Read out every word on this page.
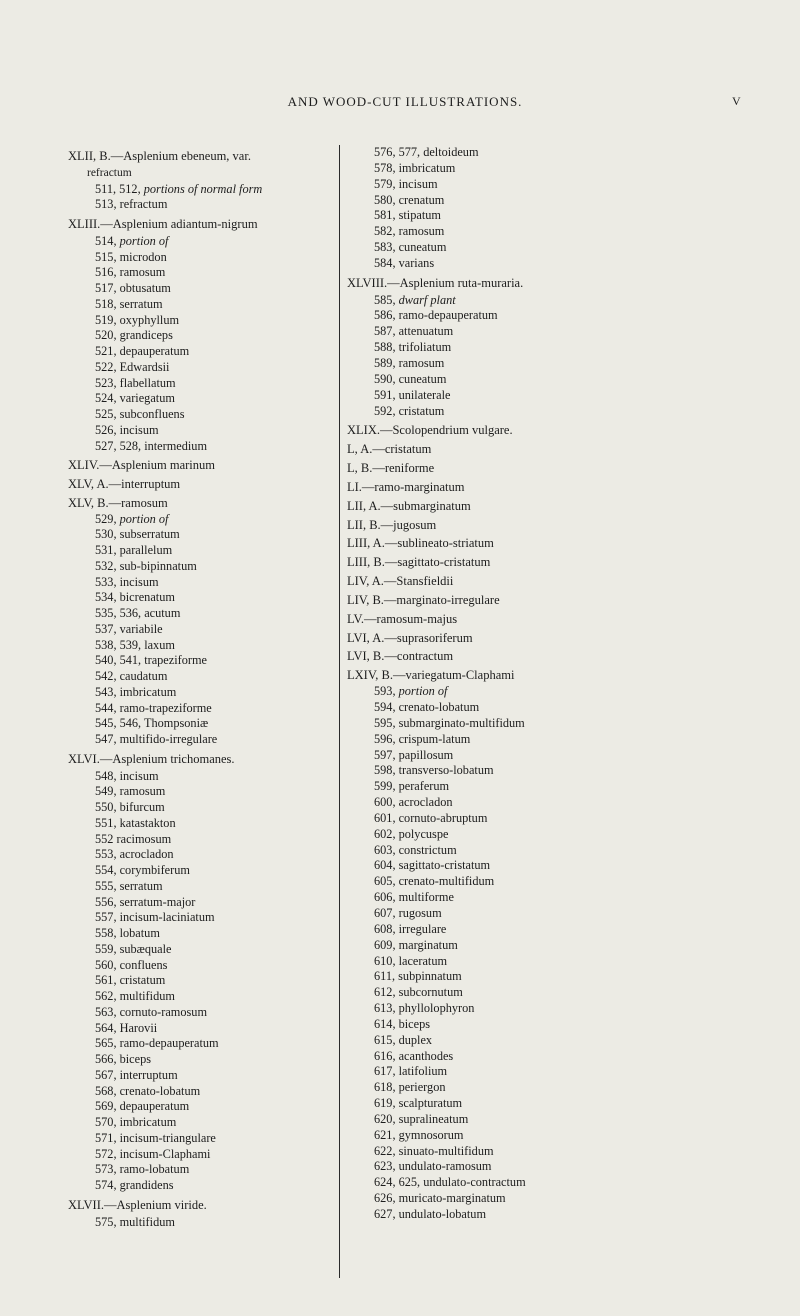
AND WOOD-CUT ILLUSTRATIONS.	V
XLII, B.—Asplenium ebeneum, var.
refractum
511, 512, portions of normal form
513, refractum
XLIII.—Asplenium adiantum-nigrum
514, portion of
515, microdon
516, ramosum
517, obtusatum
518, serratum
519, oxyphyllum
520, grandiceps
521, depauperatum
522, Edwardsii
523, flabellatum
524, variegatum
525, subconfluens
526, incisum
527, 528, intermedium
XLIV.—Asplenium marinum
XLV, A.—interruptum
XLV, B.—ramosum
529, portion of
530, subserratum
531, parallelum
532, sub-bipinnatum
533, incisum
534, bicrenatum
535, 536, acutum
537, variabile
538, 539, laxum
540, 541, trapeziforme
542, caudatum
543, imbricatum
544, ramo-trapeziforme
545, 546, Thompsoniæ
547, multifido-irregulare
XLVI.—Asplenium trichomanes.
548, incisum
549, ramosum
550, bifurcum
551, katastakton
552 racimosum
553, acrocladon
554, corymbiferum
555, serratum
556, serratum-major
557, incisum-laciniatum
558, lobatum
559, subæquale
560, confluens
561, cristatum
562, multifidum
563, cornuto-ramosum
564, Harovii
565, ramo-depauperatum
566, biceps
567, interruptum
568, crenato-lobatum
569, depauperatum
570, imbricatum
571, incisum-triangulare
572, incisum-Claphami
573, ramo-lobatum
574, grandidens
XLVII.—Asplenium viride.
575, multifidum
576, 577, deltoideum
578, imbricatum
579, incisum
580, crenatum
581, stipatum
582, ramosum
583, cuneatum
584, varians
XLVIII.—Asplenium ruta-muraria.
585, dwarf plant
586, ramo-depauperatum
587, attenuatum
588, trifoliatum
589, ramosum
590, cuneatum
591, unilaterale
592, cristatum
XLIX.—Scolopendrium vulgare.
L, A.—cristatum
L, B.—reniforme
LI.—ramo-marginatum
LII, A.—submarginatum
LII, B.—jugosum
LIII, A.—sublineato-striatum
LIII, B.—sagittato-cristatum
LIV, A.—Stansfieldii
LIV, B.—marginato-irregulare
LV.—ramosum-majus
LVI, A.—suprasoriferum
LVI, B.—contractum
LXIV, B.—variegatum-Claphami
593, portion of
594, crenato-lobatum
595, submarginato-multifidum
596, crispum-latum
597, papillosum
598, transverso-lobatum
599, peraferum
600, acrocladon
601, cornuto-abruptum
602, polycuspe
603, constrictum
604, sagittato-cristatum
605, crenato-multifidum
606, multiforme
607, rugosum
608, irregulare
609, marginatum
610, laceratum
611, subpinnatum
612, subcornutum
613, phyllolophyron
614, biceps
615, duplex
616, acanthodes
617, latifolium
618, periergon
619, scalpturatum
620, supralineatum
621, gymnosorum
622, sinuato-multifidum
623, undulato-ramosum
624, 625, undulato-contractum
626, muricato-marginatum
627, undulato-lobatum
